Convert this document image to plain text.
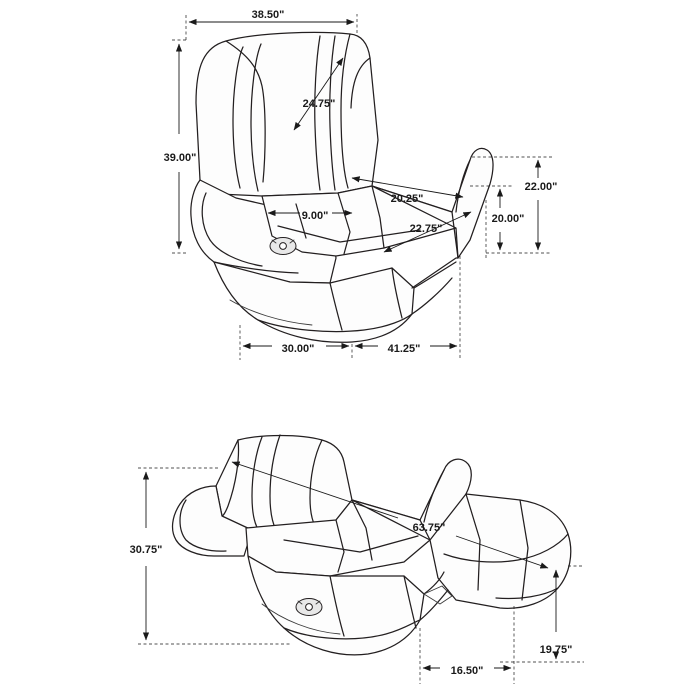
38.50"
24.75"
39.00"
20.25"
22.00"
20.00"
9.00"
22.75"
30.00"	41.25"
30.75"
63.75"
19.75"
16.50"
